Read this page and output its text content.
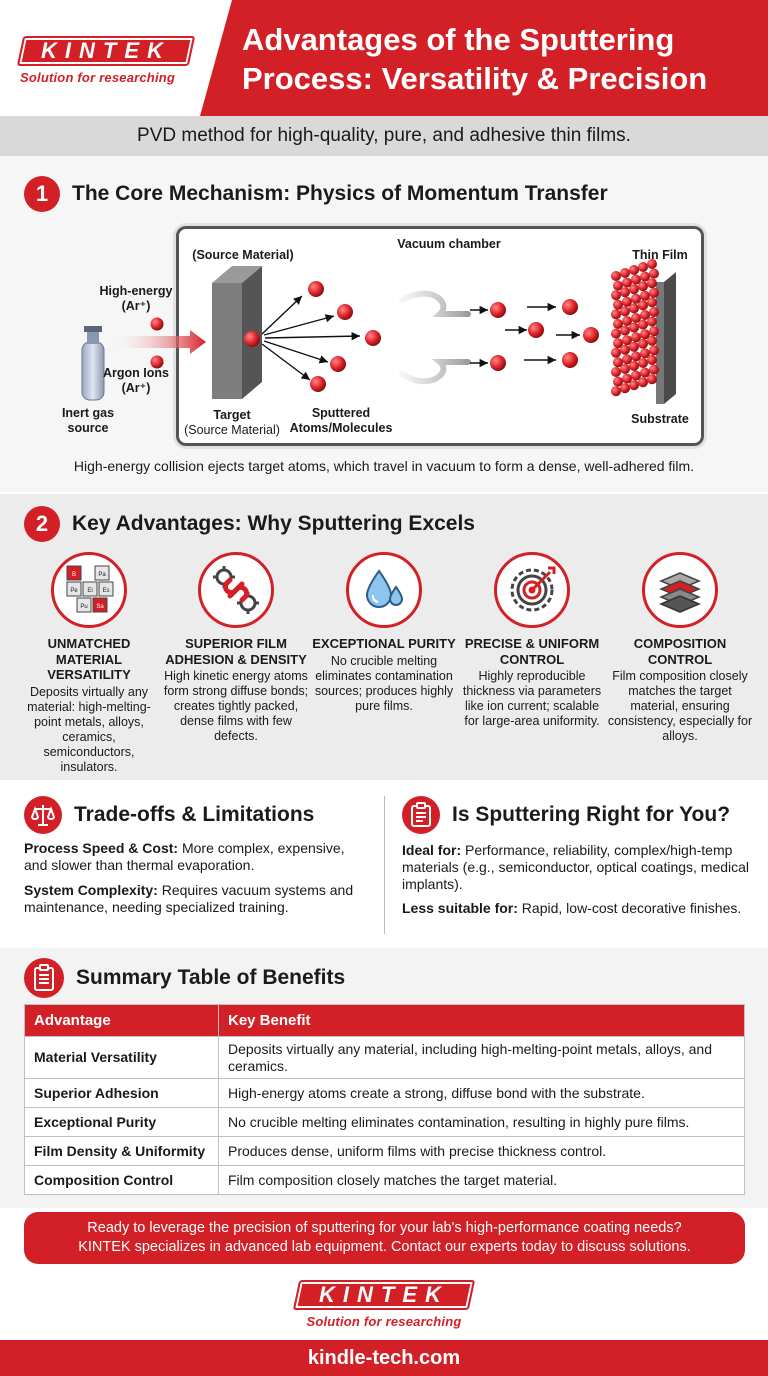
KINTEK
Solution for researching
Advantages of the Sputtering
Process: Versatility & Precision
PVD method for high-quality, pure, and adhesive thin films.
1	The Core Mechanism: Physics of Momentum Transfer
(Source Material)
Vacuum chamber
Thin Film
High-energy
(Ar⁺)
Argon Ions
(Ar⁺)
Inert gas
source
Target
(Source Material)
Sputtered
Atoms/Molecules
Substrate
High-energy collision ejects target atoms, which travel in vacuum to form a dense, well-adhered film.
2	Key Advantages: Why Sputtering Excels
B	Pa
Pe Ei Es
Pu Sa
UNMATCHED MATERIAL VERSATILITY
Deposits virtually any material: high-melting-point metals, alloys, ceramics, semiconductors, insulators.
SUPERIOR FILM ADHESION & DENSITY
High kinetic energy atoms form strong diffuse bonds; creates tightly packed, dense films with few defects.
EXCEPTIONAL PURITY
No crucible melting eliminates contamination sources; produces highly pure films.
PRECISE & UNIFORM CONTROL
Highly reproducible thickness via parameters like ion current; scalable for large-area uniformity.
COMPOSITION CONTROL
Film composition closely matches the target material, ensuring consistency, especially for alloys.
Trade-offs & Limitations
Process Speed & Cost: More complex, expensive, and slower than thermal evaporation.
System Complexity: Requires vacuum systems and maintenance, needing specialized training.
Is Sputtering Right for You?
Ideal for: Performance, reliability, complex/high-temp materials (e.g., semiconductor, optical coatings, medical implants).
Less suitable for: Rapid, low-cost decorative finishes.
Summary Table of Benefits
Advantage	Key Benefit
Material Versatility	Deposits virtually any material, including high-melting-point metals, alloys, and ceramics.
Superior Adhesion	High-energy atoms create a strong, diffuse bond with the substrate.
Exceptional Purity	No crucible melting eliminates contamination, resulting in highly pure films.
Film Density & Uniformity	Produces dense, uniform films with precise thickness control.
Composition Control	Film composition closely matches the target material.
Ready to leverage the precision of sputtering for your lab's high-performance coating needs?
KINTEK specializes in advanced lab equipment. Contact our experts today to discuss solutions.
KINTEK
Solution for researching
kindle-tech.com
